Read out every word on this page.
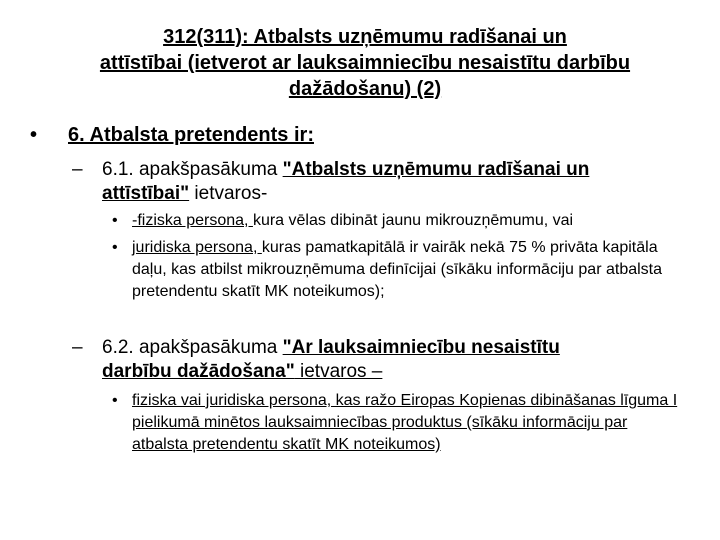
312(311): Atbalsts uzņēmumu radīšanai un
attīstībai (ietverot ar lauksaimniecību nesaistītu darbību
dažādošanu) (2)
• 6. Atbalsta pretendents ir:
– 6.1. apakšpasākuma "Atbalsts uzņēmumu radīšanai un
attīstībai" ietvaros-
• -fiziska persona, kura vēlas dibināt jaunu mikrouzņēmumu, vai
• juridiska persona, kuras pamatkapitālā ir vairāk nekā 75 % privāta kapitāla daļu, kas atbilst mikrouzņēmuma definīcijai (sīkāku informāciju par atbalsta pretendentu skatīt MK noteikumos);
– 6.2. apakšpasākuma "Ar lauksaimniecību nesaistītu
darbību dažādošana" ietvaros –
• fiziska vai juridiska persona, kas ražo Eiropas Kopienas dibināšanas līguma I pielikumā minētos lauksaimniecības produktus (sīkāku informāciju par atbalsta pretendentu skatīt MK noteikumos)
